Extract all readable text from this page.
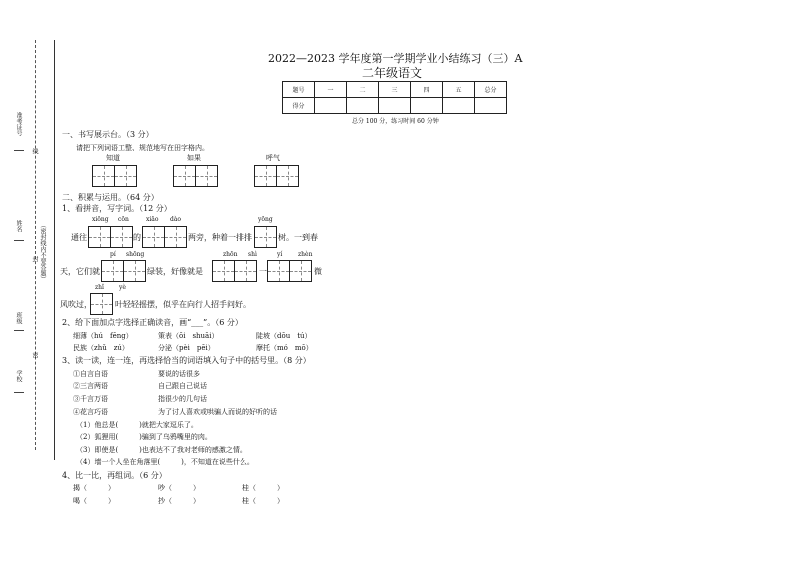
准考证号
线
姓名	（密封线内不要答题）
封
班级
密
学校
2022—2023 学年度第一学期学业小结练习（三）A
二年级语文
题号	一	二	三	四	五	总分
得分						
总分 100 分，练习时间 60 分钟
一、书写展示台。（3 分）
请把下列词语工整、规范地写在田字格内。
知道	如果	呼气
二、积累与运用。（64 分）
1、看拼音，写字词。（12 分）
xiōng cōn	xiāo dào	yōng
通往	的	两旁，种着一排排	树。一到春
pí shōng	zhōn shì	yí	zhèn
天，它们就	绿装，好像就是	一	微
zhǐ	yè
风吹过，	叶轻轻摇摆，似乎在向行人招手问好。
2、给下面加点字选择正确读音，画“___”。（6 分）
细薄（hú　fēng）	策表（ōi　shuāi）	陡坡（dōu　tú）
民族（zhǔ　zú）	分泌（pèi　pēi）	摩托（mó　mō）
3、读一读，连一连，再选择恰当的词语填入句子中的括号里。（8 分）
①自言自语	要说的话很多
②三言两语	自己跟自己说话
③千言万语	指很少的几句话
④花言巧语	为了讨人喜欢或哄骗人而说的好听的话
（1）他总是(　　　)就把大家逗乐了。
（2）狐狸用(　　　)骗到了乌鸦嘴里的肉。
（3）即使是(　　　)也表达不了我对老师的感激之情。
（4）墙一个人坐在角落里(　　　)，不知道在说些什么。
4、比一比，再组词。（6 分）
揭（　　　）	吵（　　　）	桂（　　　）
喝（　　　）	抄（　　　）	桂（　　　）
